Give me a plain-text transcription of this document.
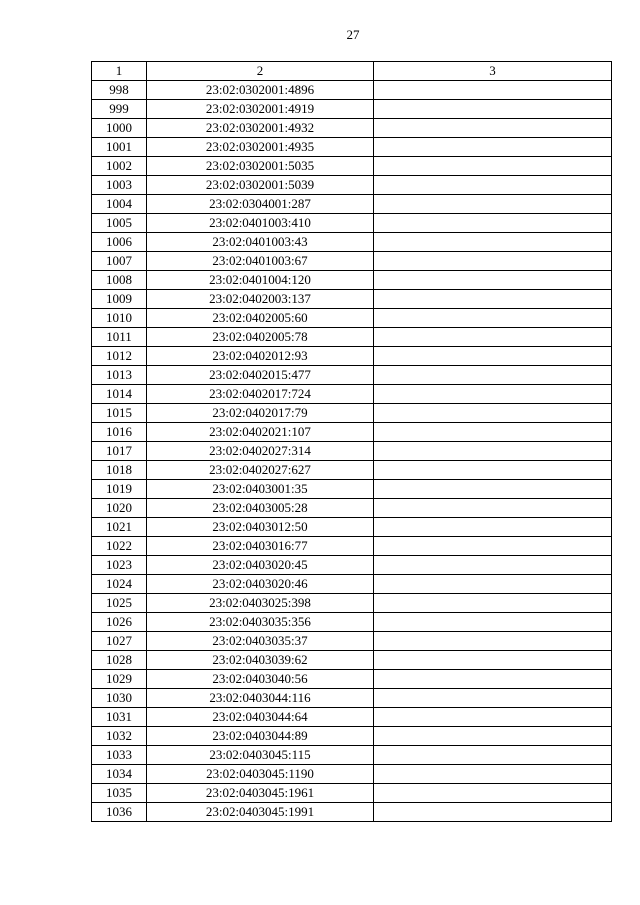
27
1	2	3
998	23:02:0302001:4896	
999	23:02:0302001:4919	
1000	23:02:0302001:4932	
1001	23:02:0302001:4935	
1002	23:02:0302001:5035	
1003	23:02:0302001:5039	
1004	23:02:0304001:287	
1005	23:02:0401003:410	
1006	23:02:0401003:43	
1007	23:02:0401003:67	
1008	23:02:0401004:120	
1009	23:02:0402003:137	
1010	23:02:0402005:60	
1011	23:02:0402005:78	
1012	23:02:0402012:93	
1013	23:02:0402015:477	
1014	23:02:0402017:724	
1015	23:02:0402017:79	
1016	23:02:0402021:107	
1017	23:02:0402027:314	
1018	23:02:0402027:627	
1019	23:02:0403001:35	
1020	23:02:0403005:28	
1021	23:02:0403012:50	
1022	23:02:0403016:77	
1023	23:02:0403020:45	
1024	23:02:0403020:46	
1025	23:02:0403025:398	
1026	23:02:0403035:356	
1027	23:02:0403035:37	
1028	23:02:0403039:62	
1029	23:02:0403040:56	
1030	23:02:0403044:116	
1031	23:02:0403044:64	
1032	23:02:0403044:89	
1033	23:02:0403045:115	
1034	23:02:0403045:1190	
1035	23:02:0403045:1961	
1036	23:02:0403045:1991	
